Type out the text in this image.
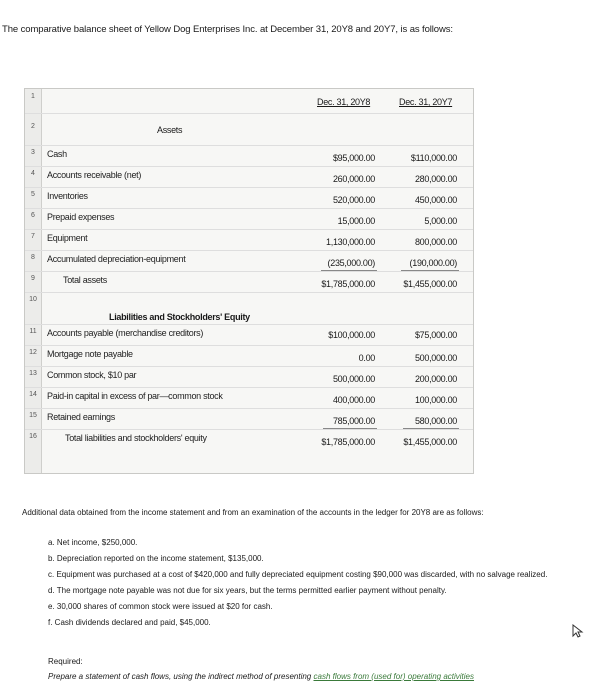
The comparative balance sheet of Yellow Dog Enterprises Inc. at December 31, 20Y8 and 20Y7, is as follows:
1
Dec. 31, 20Y8	Dec. 31, 20Y7
2	Assets
3	Cash	$95,000.00	$110,000.00
4	Accounts receivable (net)	260,000.00	280,000.00
5	Inventories	520,000.00	450,000.00
6	Prepaid expenses	15,000.00	5,000.00
7	Equipment	1,130,000.00	800,000.00
8	Accumulated depreciation-equipment	(235,000.00)	(190,000.00)
9	Total assets	$1,785,000.00	$1,455,000.00
10
Liabilities and Stockholders' Equity
11 Accounts payable (merchandise creditors)	$100,000.00	$75,000.00
12 Mortgage note payable	0.00	500,000.00
13 Common stock, $10 par	500,000.00	200,000.00
14 Paid-in capital in excess of par—common stock	400,000.00	100,000.00
15 Retained earnings	785,000.00	580,000.00
16	Total liabilities and stockholders' equity	$1,785,000.00	$1,455,000.00
Additional data obtained from the income statement and from an examination of the accounts in the ledger for 20Y8 are as follows:
a. Net income, $250,000.
b. Depreciation reported on the income statement, $135,000.
c. Equipment was purchased at a cost of $420,000 and fully depreciated equipment costing $90,000 was discarded, with no salvage realized.
d. The mortgage note payable was not due for six years, but the terms permitted earlier payment without penalty.
e. 30,000 shares of common stock were issued at $20 for cash.
f. Cash dividends declared and paid, $45,000.
Required:
Prepare a statement of cash flows, using the indirect method of presenting cash flows from (used for) operating activities
